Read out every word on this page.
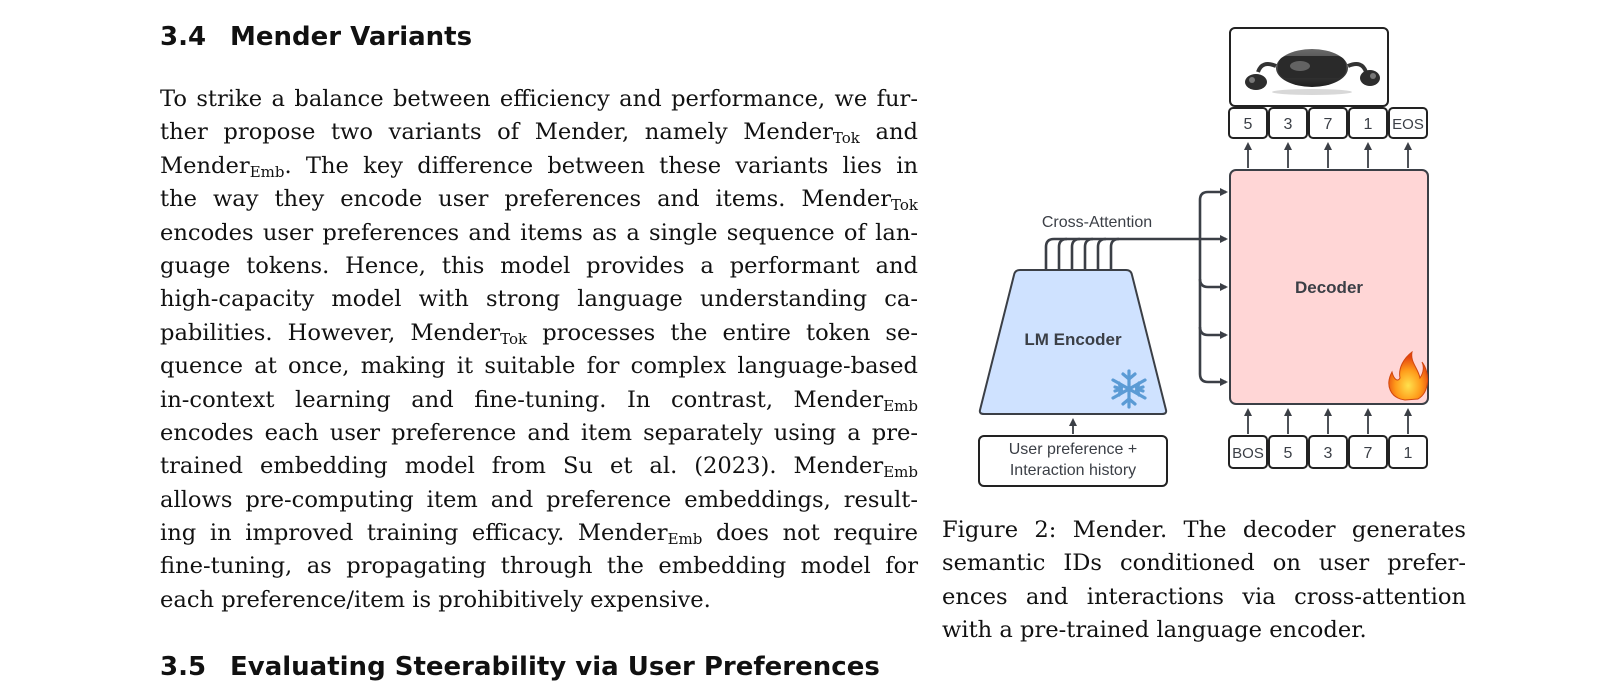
3.4 Mender Variants
To strike a balance between efficiency and performance, we fur-
ther propose two variants of Mender, namely Mender$_{Tok}$ and
Mender$_{Emb}$. The key difference between these variants lies in
the way they encode user preferences and items. Mender$_{Tok}$
encodes user preferences and items as a single sequence of lan-
guage tokens. Hence, this model provides a performant and
high-capacity model with strong language understanding ca-
pabilities. However, Mender$_{Tok}$ processes the entire token se-
quence at once, making it suitable for complex language-based
in-context learning and fine-tuning. In contrast, Mender$_{Emb}$
encodes each user preference and item separately using a pre-
trained embedding model from Su et al. (2023). Mender$_{Emb}$
allows pre-computing item and preference embeddings, result-
ing in improved training efficacy. Mender$_{Emb}$ does not require
fine-tuning, as propagating through the embedding model for
each preference/item is prohibitively expensive.
3.5 Evaluating Steerability via User Preferences
5 3 7 1 EOS
Decoder
BOS 5 3 7 1
LM Encoder
User preference +
Interaction history
Cross-Attention
Figure 2: Mender. The decoder generates
semantic IDs conditioned on user prefer-
ences and interactions via cross-attention
with a pre-trained language encoder.
